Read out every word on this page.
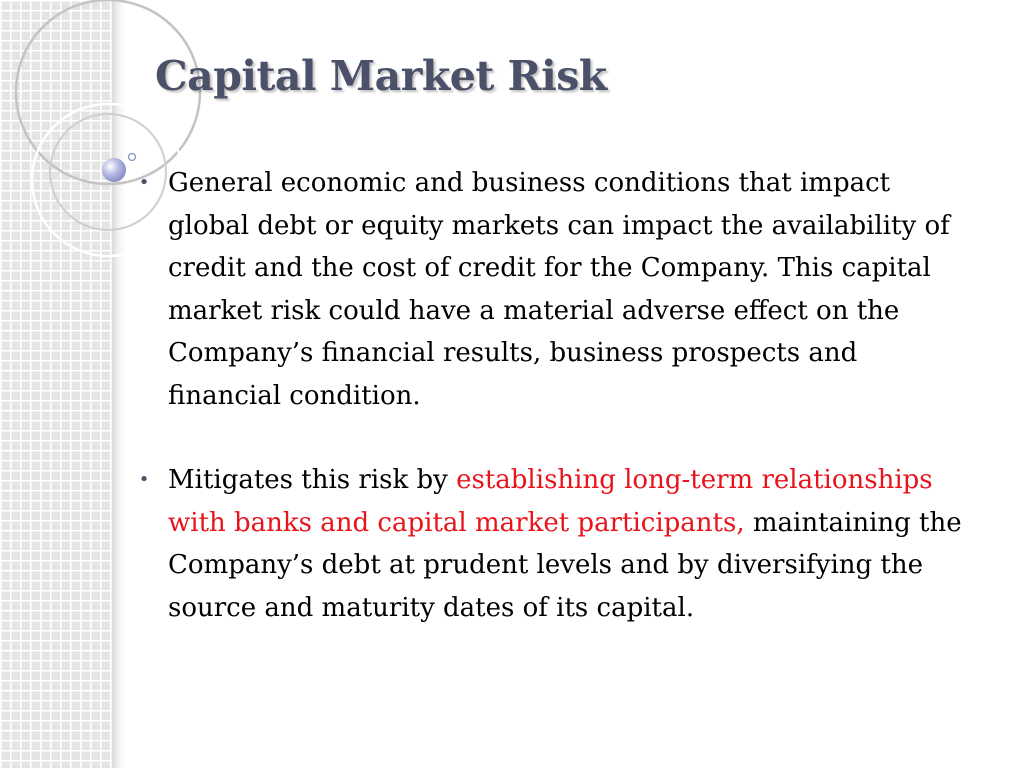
Capital Market Risk
• General economic and business conditions that impact global debt or equity markets can impact the availability of credit and the cost of credit for the Company. This capital market risk could have a material adverse effect on the Company’s financial results, business prospects and financial condition.
• Mitigates this risk by establishing long-term relationships with banks and capital market participants, maintaining the Company’s debt at prudent levels and by diversifying the source and maturity dates of its capital.
